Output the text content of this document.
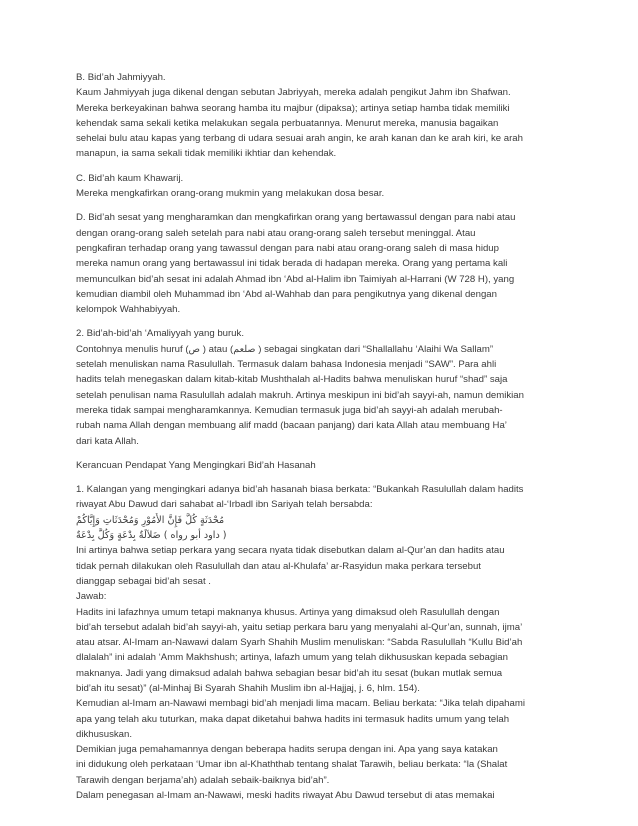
B. Bid’ah Jahmiyyah.
Kaum Jahmiyyah juga dikenal dengan sebutan Jabriyyah, mereka adalah pengikut Jahm ibn Shafwan.
Mereka berkeyakinan bahwa seorang hamba itu majbur (dipaksa); artinya setiap hamba tidak memiliki
kehendak sama sekali ketika melakukan segala perbuatannya. Menurut mereka, manusia bagaikan
sehelai bulu atau kapas yang terbang di udara sesuai arah angin, ke arah kanan dan ke arah kiri, ke arah
manapun, ia sama sekali tidak memiliki ikhtiar dan kehendak.
C. Bid’ah kaum Khawarij.
Mereka mengkafirkan orang-orang mukmin yang melakukan dosa besar.
D. Bid’ah sesat yang mengharamkan dan mengkafirkan orang yang bertawassul dengan para nabi atau
dengan orang-orang saleh setelah para nabi atau orang-orang saleh tersebut meninggal. Atau
pengkafiran terhadap orang yang tawassul dengan para nabi atau orang-orang saleh di masa hidup
mereka namun orang yang bertawassul ini tidak berada di hadapan mereka. Orang yang pertama kali
memunculkan bid’ah sesat ini adalah Ahmad ibn ‘Abd al-Halim ibn Taimiyah al-Harrani (W 728 H), yang
kemudian diambil oleh Muhammad ibn ‘Abd al-Wahhab dan para pengikutnya yang dikenal dengan
kelompok Wahhabiyyah.
2. Bid’ah-bid’ah ‘Amaliyyah yang buruk.
Contohnya menulis huruf (ص ) atau (صلعم ) sebagai singkatan dari “Shallallahu ‘Alaihi Wa Sallam”
setelah menuliskan nama Rasulullah. Termasuk dalam bahasa Indonesia menjadi “SAW”. Para ahli
hadits telah menegaskan dalam kitab-kitab Mushthalah al-Hadits bahwa menuliskan huruf “shad” saja
setelah penulisan nama Rasulullah adalah makruh. Artinya meskipun ini bid’ah sayyi-ah, namun demikian
mereka tidak sampai mengharamkannya. Kemudian termasuk juga bid’ah sayyi-ah adalah merubah-
rubah nama Allah dengan membuang alif madd (bacaan panjang) dari kata Allah atau membuang Ha’
dari kata Allah.
Kerancuan Pendapat Yang Mengingkari Bid’ah Hasanah
1. Kalangan yang mengingkari adanya bid’ah hasanah biasa berkata: “Bukankah Rasulullah dalam hadits
riwayat Abu Dawud dari sahabat al-‘Irbadl ibn Sariyah telah bersabda:
مُحْدَثَةٍ كُلَّ فَإِنَّ الأُمُوْرِ وَمُحْدَثَاتِ وَإِيَّاكُمْ
( داود أبو رواه ) ضَلاَلَةٌ بِدْعَةٍ وَكُلَّ بِدْعَةٌ
Ini artinya bahwa setiap perkara yang secara nyata tidak disebutkan dalam al-Qur’an dan hadits atau
tidak pernah dilakukan oleh Rasulullah dan atau al-Khulafa’ ar-Rasyidun maka perkara tersebut
dianggap sebagai bid’ah sesat .
Jawab:
Hadits ini lafazhnya umum tetapi maknanya khusus. Artinya yang dimaksud oleh Rasulullah dengan
bid’ah tersebut adalah bid’ah sayyi-ah, yaitu setiap perkara baru yang menyalahi al-Qur’an, sunnah, ijma’
atau atsar. Al-Imam an-Nawawi dalam Syarh Shahih Muslim menuliskan: “Sabda Rasulullah “Kullu Bid’ah
dlalalah” ini adalah ‘Amm Makhshush; artinya, lafazh umum yang telah dikhususkan kepada sebagian
maknanya. Jadi yang dimaksud adalah bahwa sebagian besar bid’ah itu sesat (bukan mutlak semua
bid’ah itu sesat)” (al-Minhaj Bi Syarah Shahih Muslim ibn al-Hajjaj, j. 6, hlm. 154).
Kemudian al-Imam an-Nawawi membagi bid’ah menjadi lima macam. Beliau berkata: “Jika telah dipahami
apa yang telah aku tuturkan, maka dapat diketahui bahwa hadits ini termasuk hadits umum yang telah
dikhususkan.
Demikian juga pemahamannya dengan beberapa hadits serupa dengan ini. Apa yang saya katakan
ini didukung oleh perkataan ‘Umar ibn al-Khaththab tentang shalat Tarawih, beliau berkata: “la (Shalat
Tarawih dengan berjama’ah) adalah sebaik-baiknya bid’ah”.
Dalam penegasan al-Imam an-Nawawi, meski hadits riwayat Abu Dawud tersebut di atas memakai
